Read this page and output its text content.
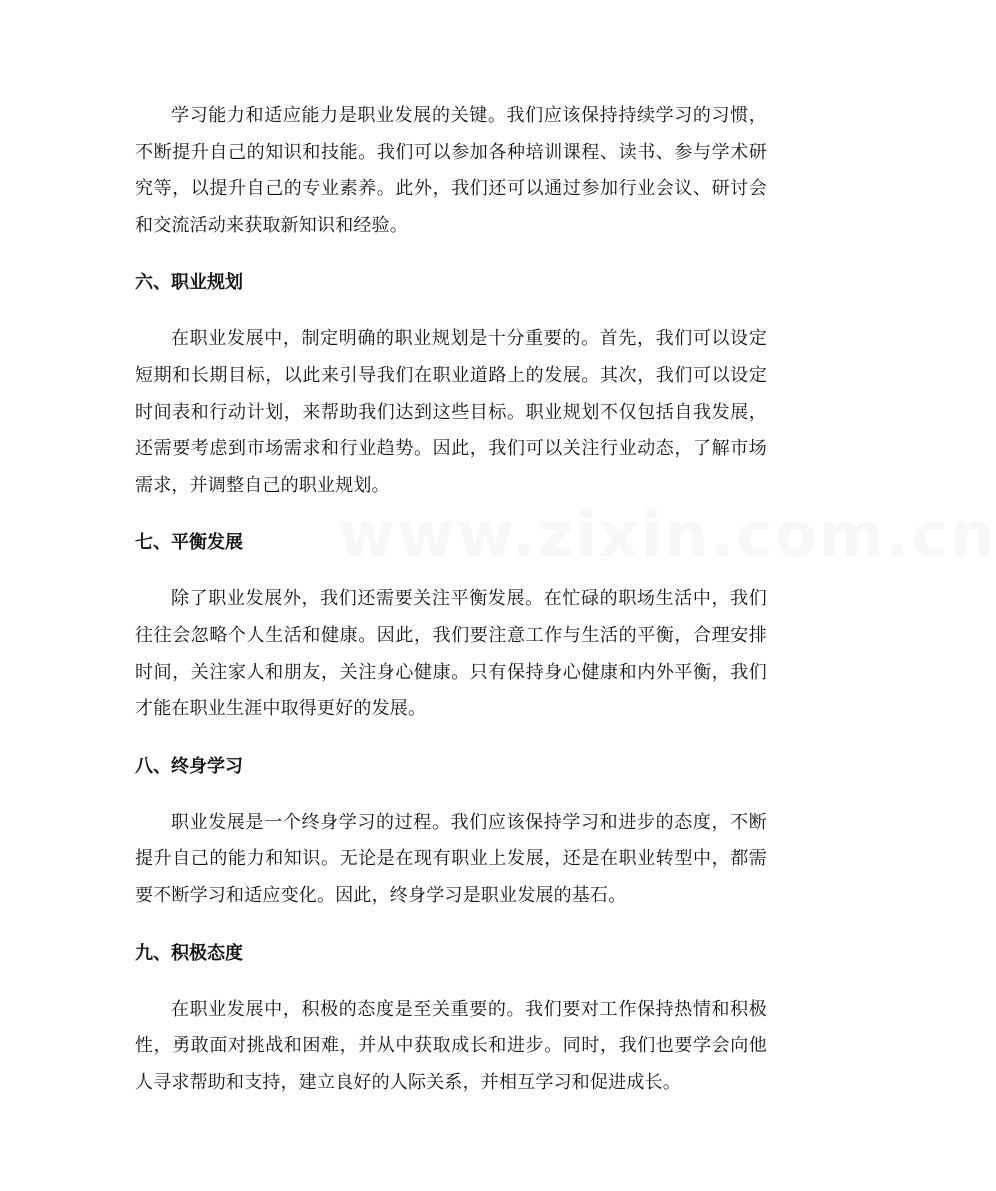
www.zixin.com.cn

学习能力和适应能力是职业发展的关键。我们应该保持持续学习的习惯，不断提升自己的知识和技能。我们可以参加各种培训课程、读书、参与学术研究等，以提升自己的专业素养。此外，我们还可以通过参加行业会议、研讨会和交流活动来获取新知识和经验。

六、职业规划

在职业发展中，制定明确的职业规划是十分重要的。首先，我们可以设定短期和长期目标，以此来引导我们在职业道路上的发展。其次，我们可以设定时间表和行动计划，来帮助我们达到这些目标。职业规划不仅包括自我发展，还需要考虑到市场需求和行业趋势。因此，我们可以关注行业动态，了解市场需求，并调整自己的职业规划。

七、平衡发展

除了职业发展外，我们还需要关注平衡发展。在忙碌的职场生活中，我们往往会忽略个人生活和健康。因此，我们要注意工作与生活的平衡，合理安排时间，关注家人和朋友，关注身心健康。只有保持身心健康和内外平衡，我们才能在职业生涯中取得更好的发展。

八、终身学习

职业发展是一个终身学习的过程。我们应该保持学习和进步的态度，不断提升自己的能力和知识。无论是在现有职业上发展，还是在职业转型中，都需要不断学习和适应变化。因此，终身学习是职业发展的基石。

九、积极态度

在职业发展中，积极的态度是至关重要的。我们要对工作保持热情和积极性，勇敢面对挑战和困难，并从中获取成长和进步。同时，我们也要学会向他人寻求帮助和支持，建立良好的人际关系，并相互学习和促进成长。
